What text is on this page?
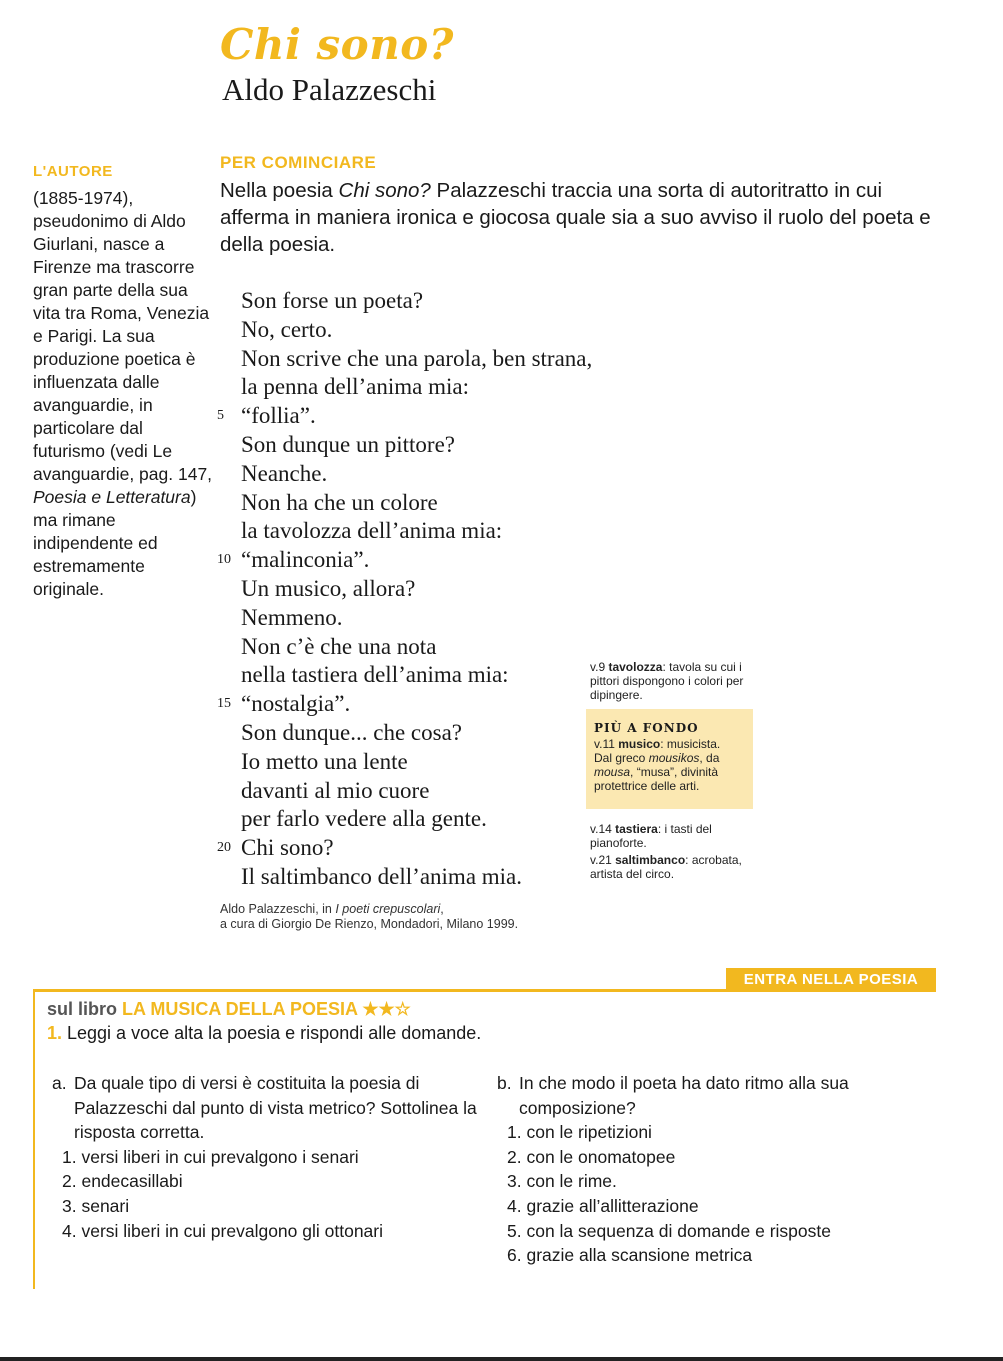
Chi sono?
Aldo Palazzeschi
L'AUTORE
(1885-1974), pseudonimo di Aldo Giurlani, nasce a Firenze ma trascorre gran parte della sua vita tra Roma, Venezia e Parigi. La sua produzione poetica è influenzata dalle avanguardie, in particolare dal futurismo (vedi Le avanguardie, pag. 147, Poesia e Letteratura) ma rimane indipendente ed estremamente originale.
PER COMINCIARE
Nella poesia Chi sono? Palazzeschi traccia una sorta di autoritratto in cui afferma in maniera ironica e giocosa quale sia a suo avviso il ruolo del poeta e della poesia.
Son forse un poeta?
No, certo.
Non scrive che una parola, ben strana,
la penna dell’anima mia:
5 “follia”.
Son dunque un pittore?
Neanche.
Non ha che un colore
la tavolozza dell’anima mia:
10 “malinconia”.
Un musico, allora?
Nemmeno.
Non c’è che una nota
nella tastiera dell’anima mia:
15 “nostalgia”.
Son dunque... che cosa?
Io metto una lente
davanti al mio cuore
per farlo vedere alla gente.
20 Chi sono?
Il saltimbanco dell’anima mia.
Aldo Palazzeschi, in I poeti crepuscolari,
a cura di Giorgio De Rienzo, Mondadori, Milano 1999.
v.9 tavolozza: tavola su cui i pittori dispongono i colori per dipingere.
PIÙ A FONDO
v.11 musico: musicista.
Dal greco mousikos, da mousa, “musa”, divinità protettrice delle arti.
v.14 tastiera: i tasti del pianoforte.
v.21 saltimbanco: acrobata, artista del circo.
ENTRA NELLA POESIA
sul libro LA MUSICA DELLA POESIA ★★☆
1. Leggi a voce alta la poesia e rispondi alle domande.
a. Da quale tipo di versi è costituita la poesia di Palazzeschi dal punto di vista metrico? Sottolinea la risposta corretta.
1. versi liberi in cui prevalgono i senari
2. endecasillabi
3. senari
4. versi liberi in cui prevalgono gli ottonari
b. In che modo il poeta ha dato ritmo alla sua composizione?
1. con le ripetizioni
2. con le onomatopee
3. con le rime.
4. grazie all’allitterazione
5. con la sequenza di domande e risposte
6. grazie alla scansione metrica
